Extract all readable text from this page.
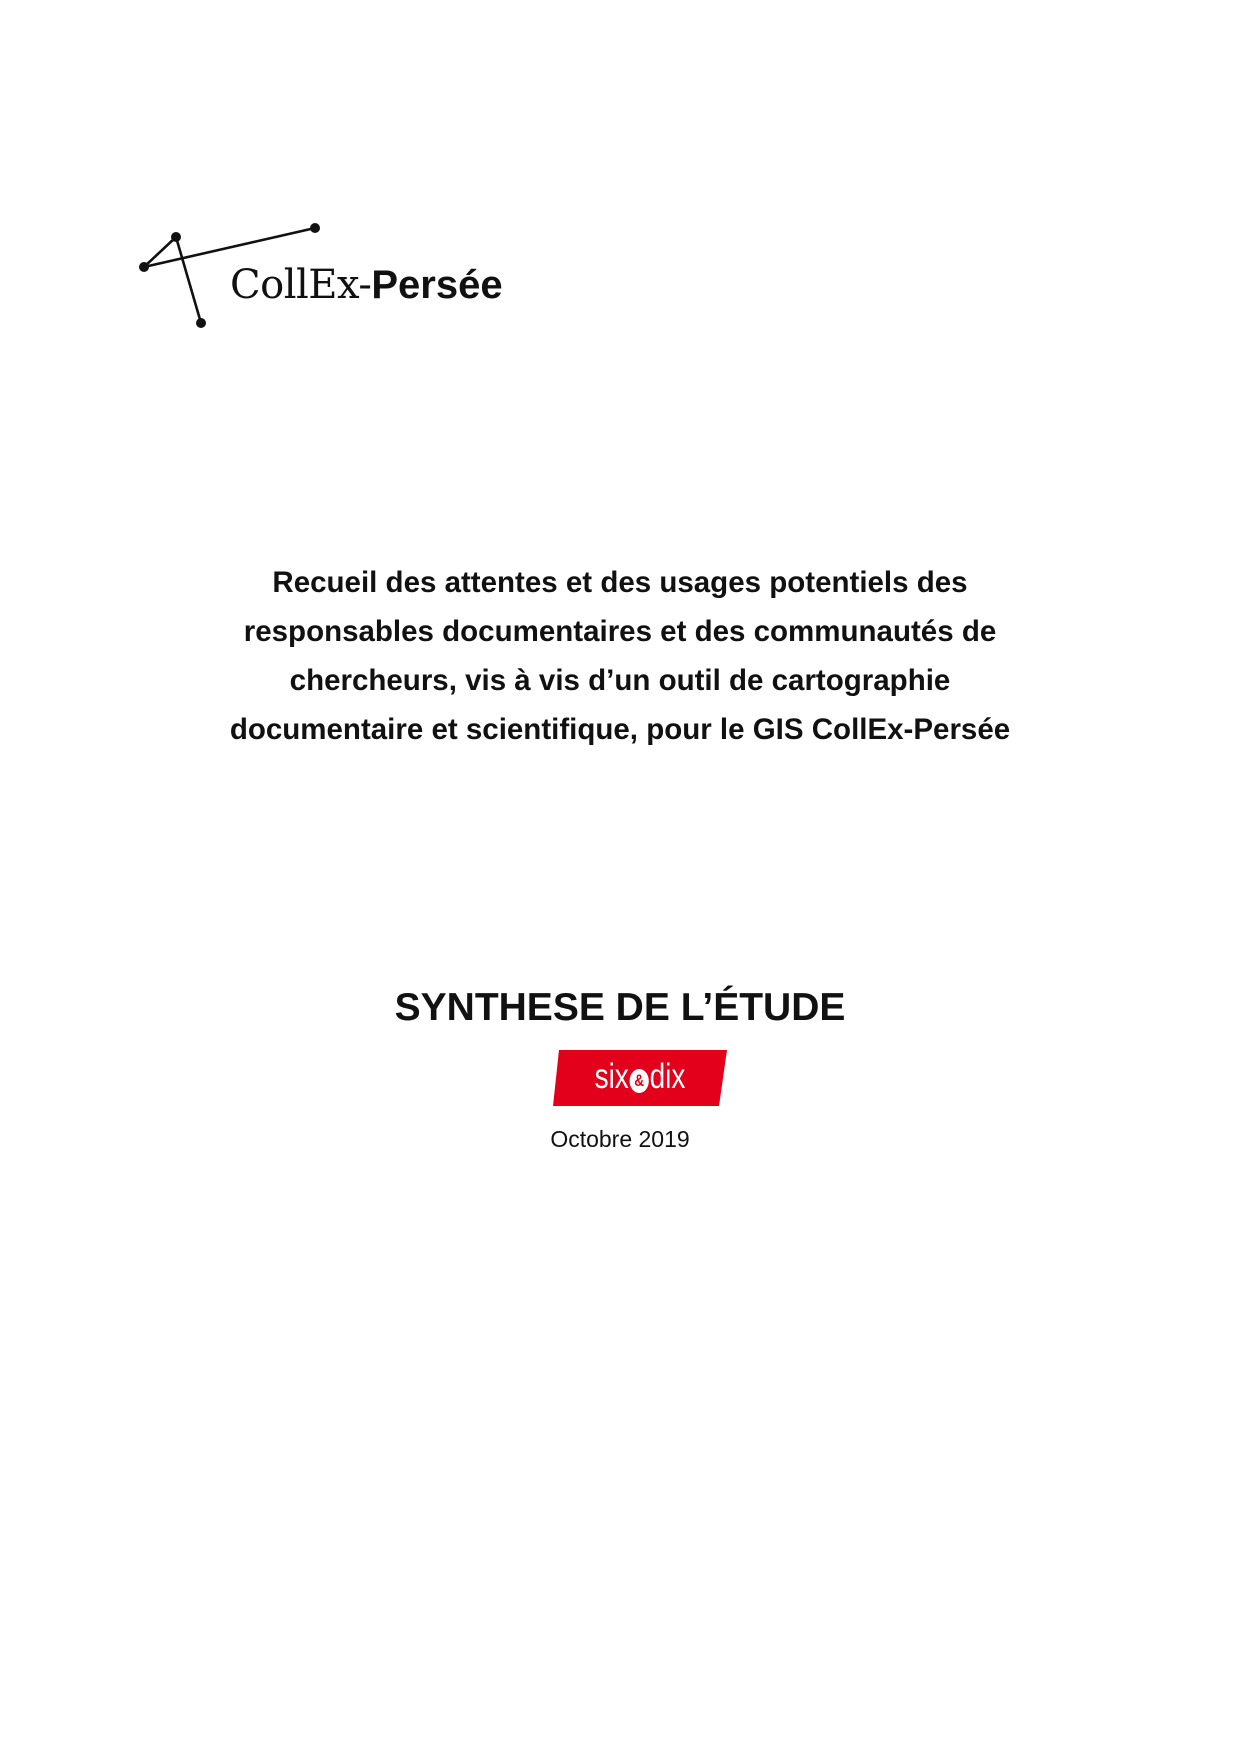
CollEx-Persée
Recueil des attentes et des usages potentiels des
responsables documentaires et des communautés de
chercheurs, vis à vis d’un outil de cartographie
documentaire et scientifique, pour le GIS CollEx-Persée
SYNTHESE DE L’ÉTUDE
six & dix
Octobre 2019
